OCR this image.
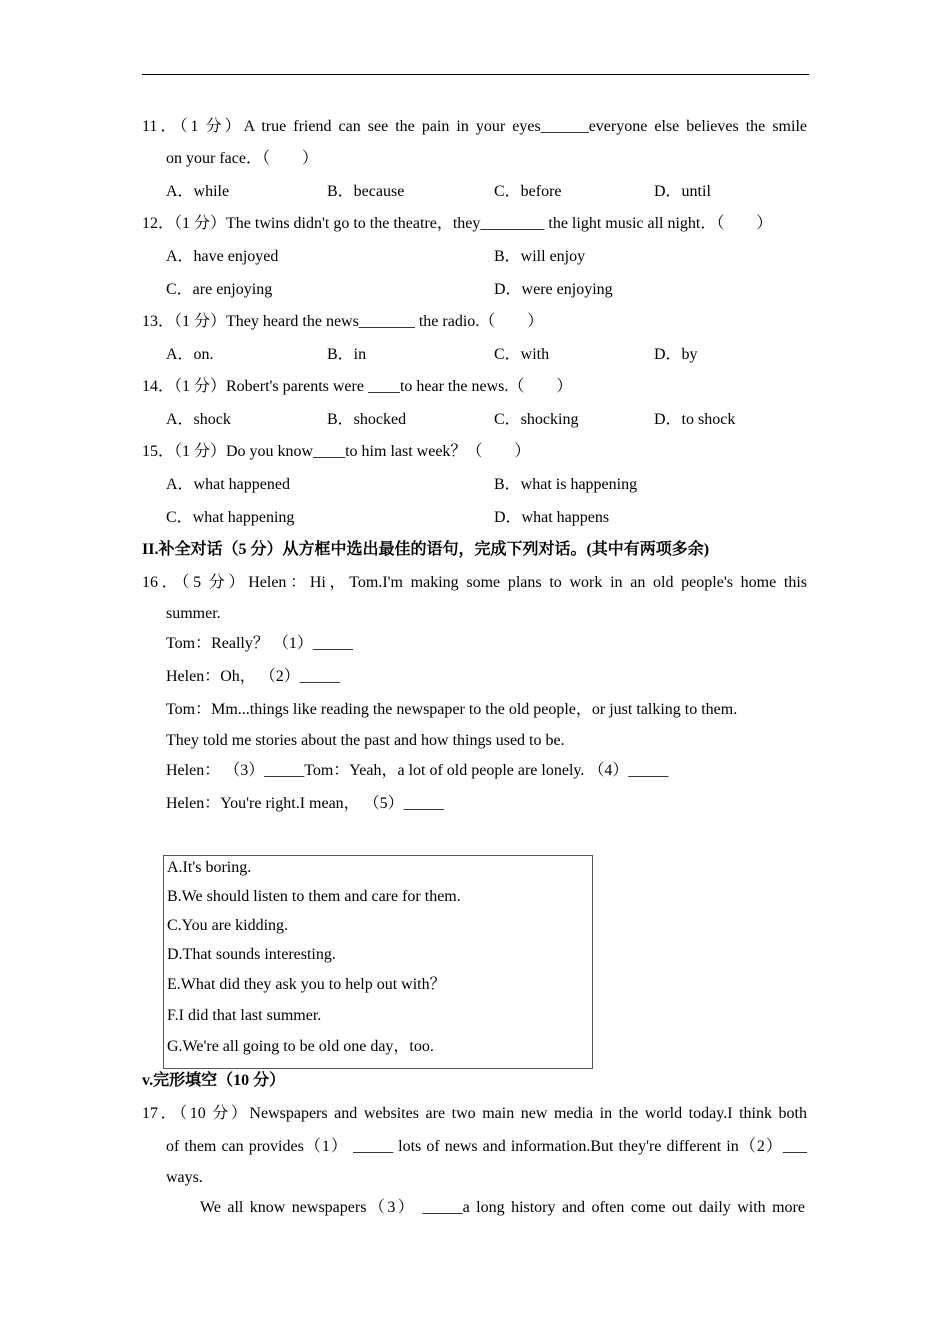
11．（1 分）A true friend can see the pain in your eyes______everyone else believes the smile
on your face．（　　）
A．while	B．because	C．before	D．until
12．（1 分）The twins didn't go to the theatre，they________ the light music all night．（　　）
A．have enjoyed	B．will enjoy
C．are enjoying	D．were enjoying
13．（1 分）They heard the news_______ the radio.（　　）
A．on.	B．in	C．with	D．by
14．（1 分）Robert's parents were ____to hear the news.（　　）
A．shock	B．shocked	C．shocking	D．to shock
15．（1 分）Do you know____to him last week？（　　）
A．what happened	B．what is happening
C．what happening	D．what happens
II.补全对话（5 分）从方框中选出最佳的语句，完成下列对话。(其中有两项多余)
16．（5 分）Helen：Hi，Tom.I'm making some plans to work in an old people's home this
summer.
Tom：Really？ （1）_____
Helen：Oh， （2）_____
Tom：Mm...things like reading the newspaper to the old people，or just talking to them.
They told me stories about the past and how things used to be.
Helen： （3）_____Tom：Yeah，a lot of old people are lonely. （4）_____
Helen：You're right.I mean， （5）_____
A.It's boring.
B.We should listen to them and care for them.
C.You are kidding.
D.That sounds interesting.
E.What did they ask you to help out with？
F.I did that last summer.
G.We're all going to be old one day，too.
v.完形填空（10 分）
17．（10 分）Newspapers and websites are two main new media in the world today.I think both
of them can provides（1） _____ lots of news and information.But they're different in（2）___
ways.
We all know newspapers（3） _____a long history and often come out daily with more
